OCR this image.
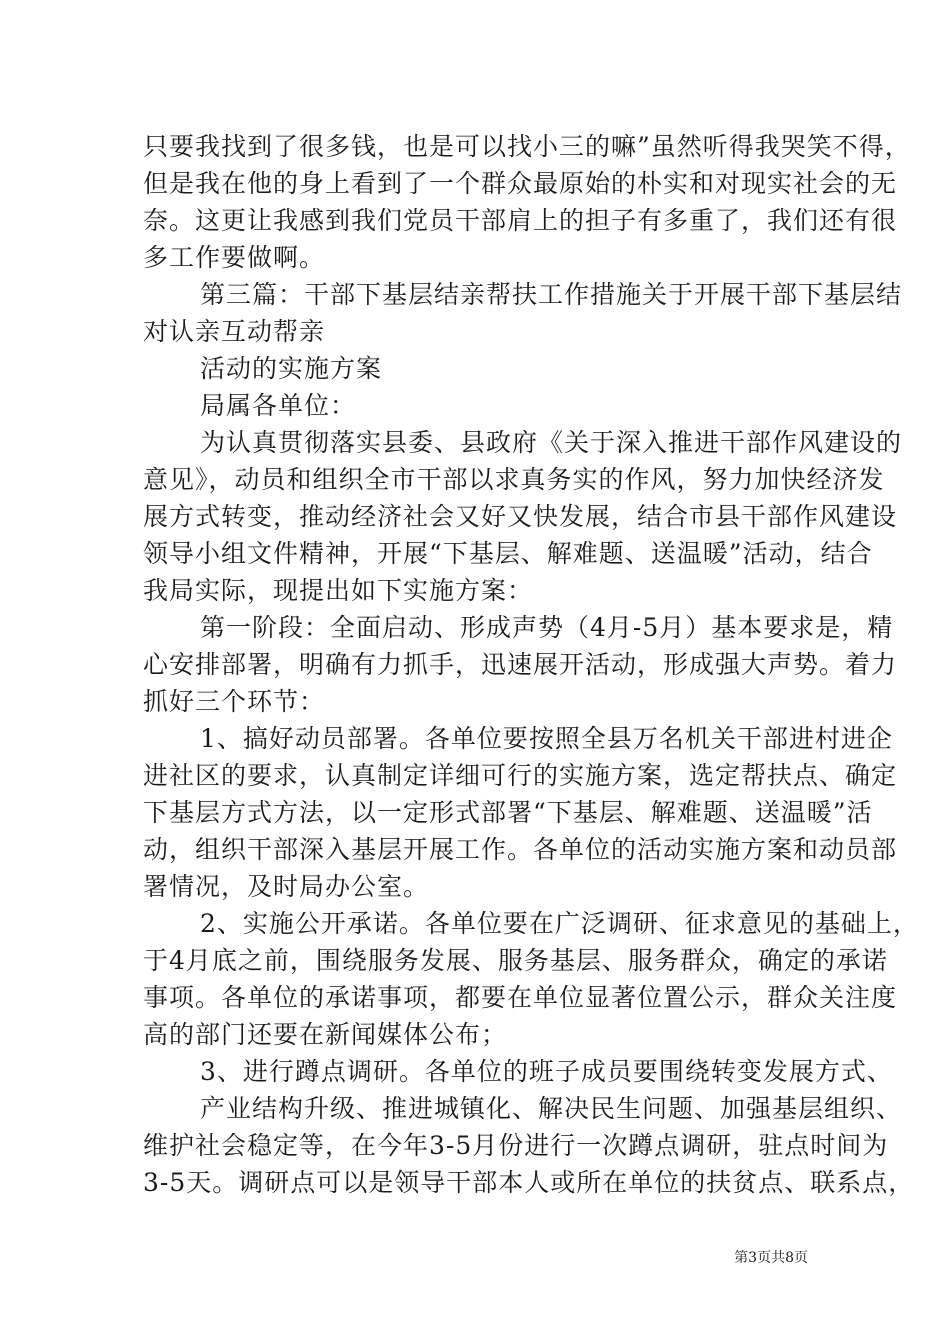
只要我找到了很多钱，也是可以找小三的嘛”虽然听得我哭笑不得，
但是我在他的身上看到了一个群众最原始的朴实和对现实社会的无
奈。这更让我感到我们党员干部肩上的担子有多重了，我们还有很
多工作要做啊。
第三篇：干部下基层结亲帮扶工作措施关于开展干部下基层结
对认亲互动帮亲
活动的实施方案
局属各单位：
为认真贯彻落实县委、县政府《关于深入推进干部作风建设的
意见》，动员和组织全市干部以求真务实的作风，努力加快经济发
展方式转变，推动经济社会又好又快发展，结合市县干部作风建设
领导小组文件精神，开展“下基层、解难题、送温暖”活动，结合
我局实际，现提出如下实施方案：
第一阶段：全面启动、形成声势（4月-5月）基本要求是，精
心安排部署，明确有力抓手，迅速展开活动，形成强大声势。着力
抓好三个环节：
1、搞好动员部署。各单位要按照全县万名机关干部进村进企
进社区的要求，认真制定详细可行的实施方案，选定帮扶点、确定
下基层方式方法，以一定形式部署“下基层、解难题、送温暖”活
动，组织干部深入基层开展工作。各单位的活动实施方案和动员部
署情况，及时局办公室。
2、实施公开承诺。各单位要在广泛调研、征求意见的基础上，
于4月底之前，围绕服务发展、服务基层、服务群众，确定的承诺
事项。各单位的承诺事项，都要在单位显著位置公示，群众关注度
高的部门还要在新闻媒体公布；
3、进行蹲点调研。各单位的班子成员要围绕转变发展方式、
产业结构升级、推进城镇化、解决民生问题、加强基层组织、
维护社会稳定等，在今年3-5月份进行一次蹲点调研，驻点时间为
3-5天。调研点可以是领导干部本人或所在单位的扶贫点、联系点，
第3页共8页
